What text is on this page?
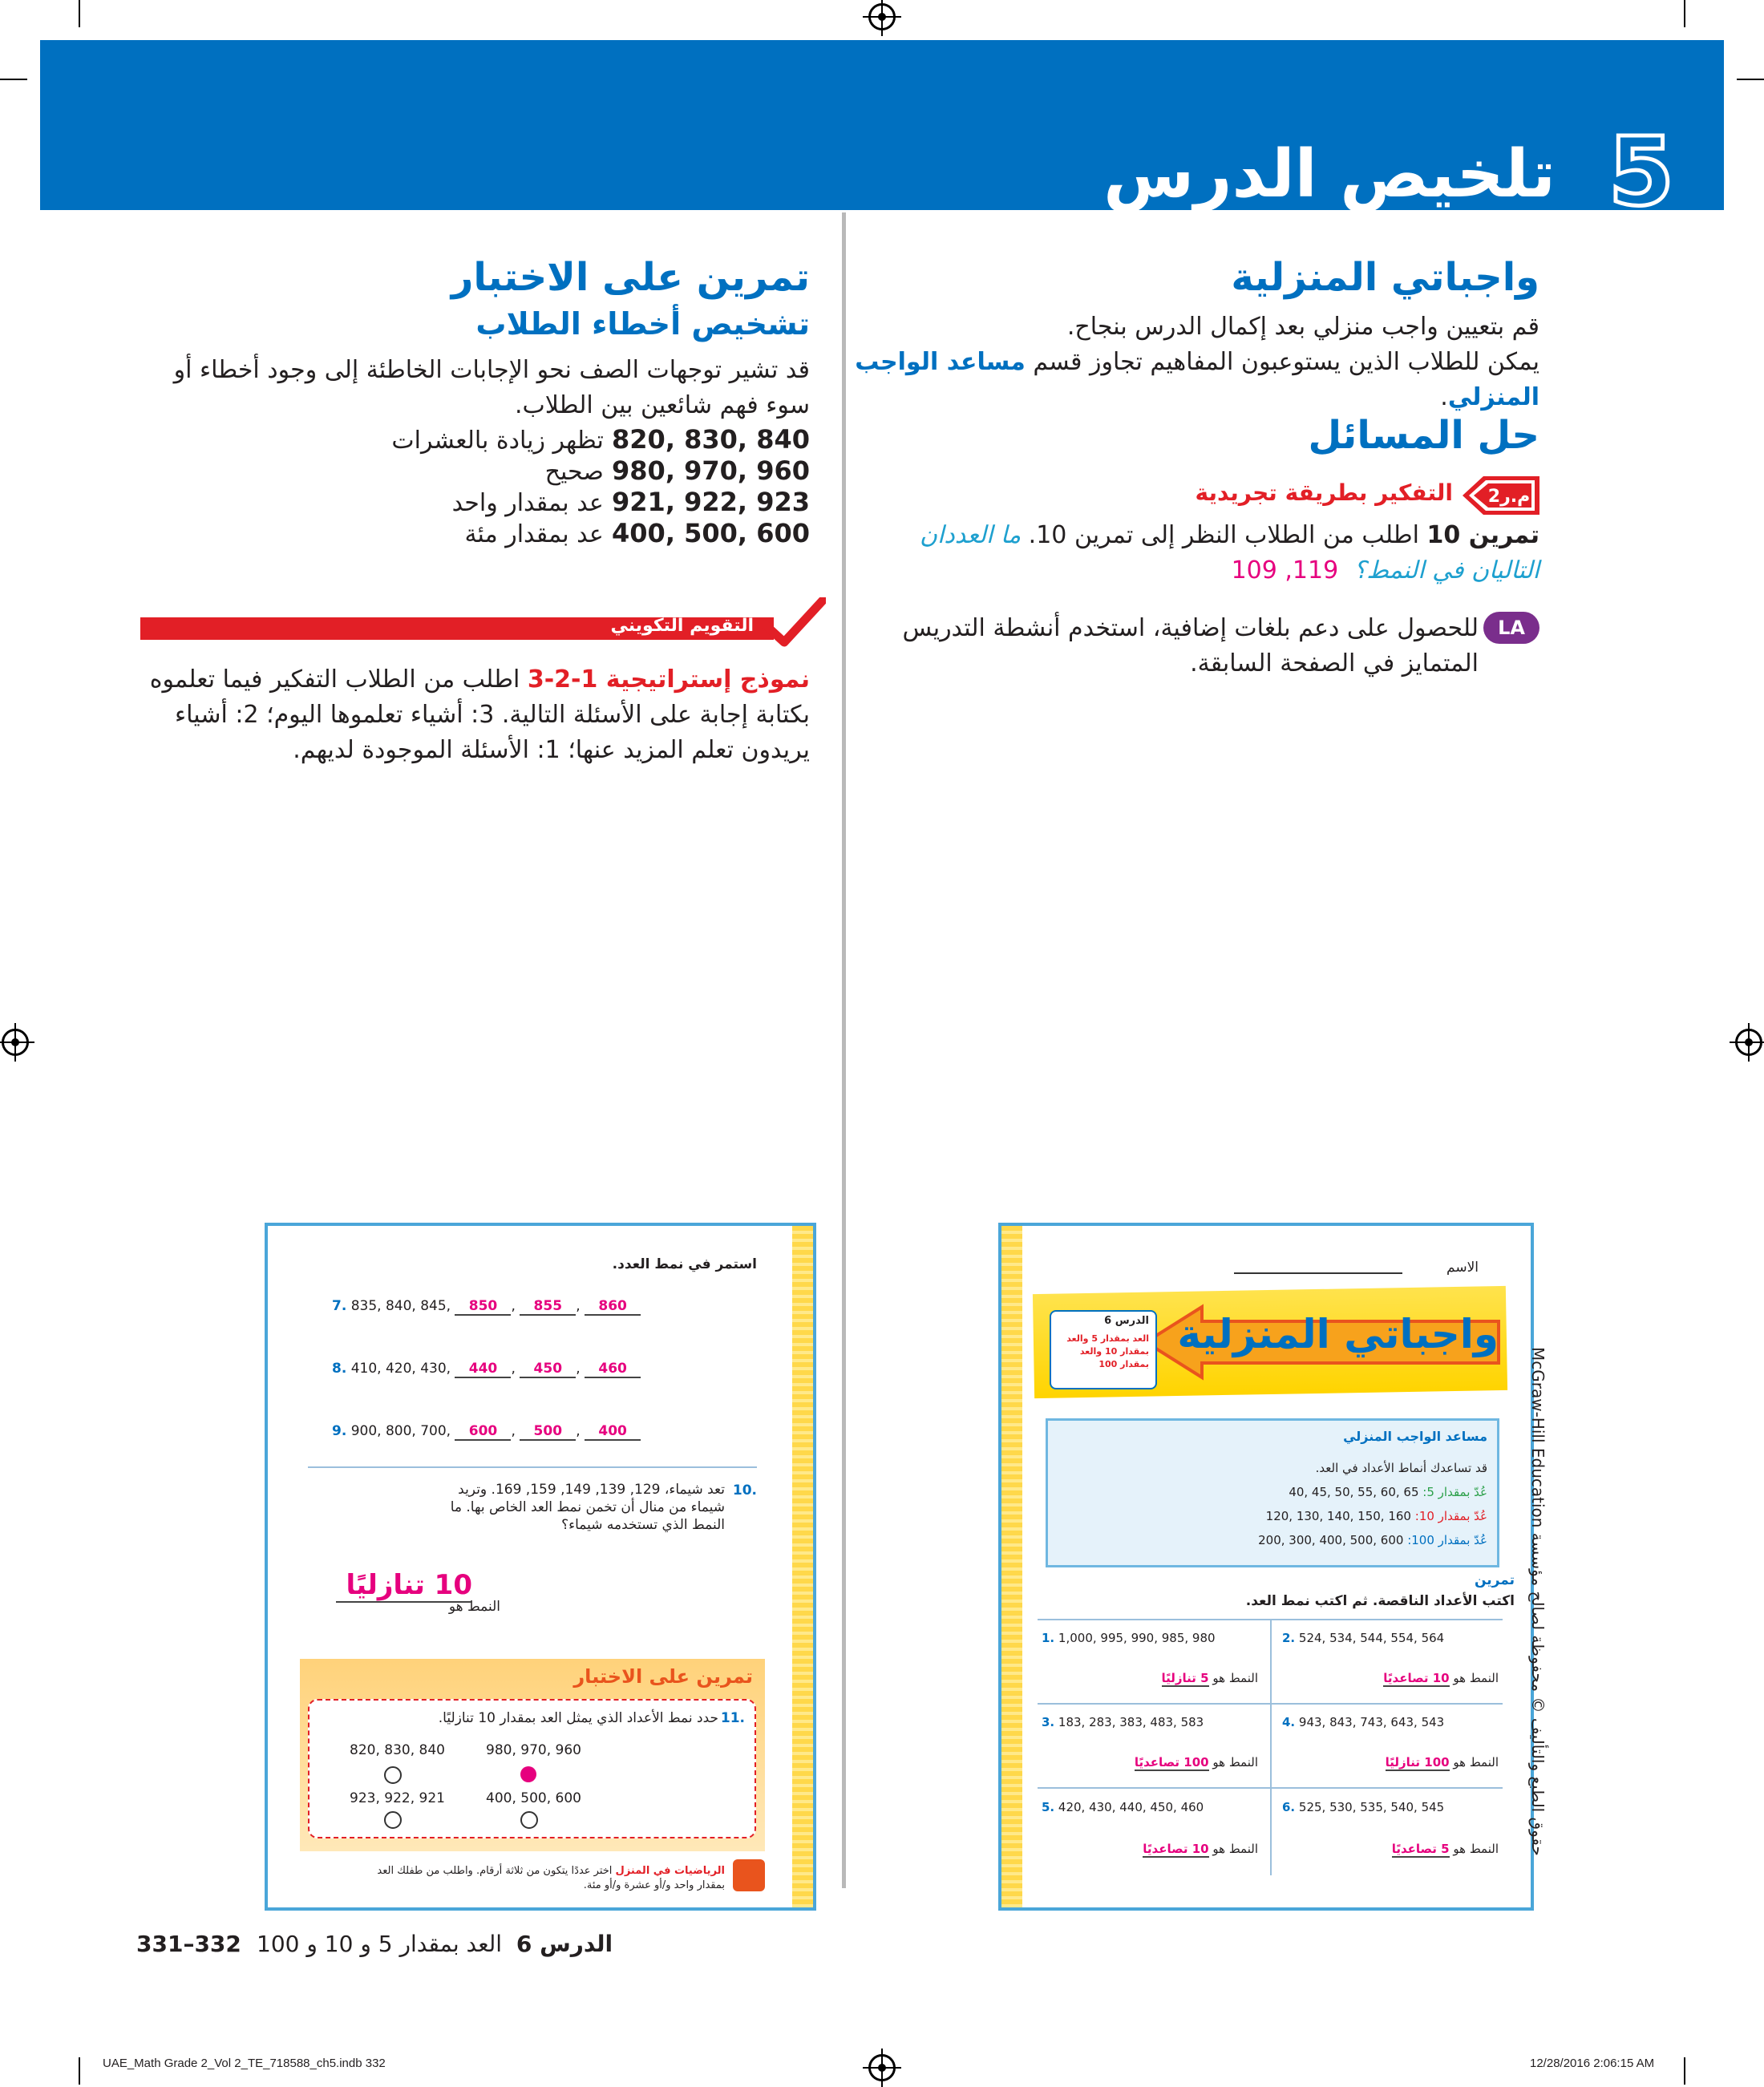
تلخيص الدرس 5
واجباتي المنزلية
قم بتعيين واجب منزلي بعد إكمال الدرس بنجاح.
يمكن للطلاب الذين يستوعبون المفاهيم تجاوز قسم مساعد الواجب المنزلي.
حل المسائل
م.ر2
التفكير بطريقة تجريدية
تمرين 10 اطلب من الطلاب النظر إلى تمرين 10. ما العددان التاليان في النمط؟  119, 109
LA
للحصول على دعم بلغات إضافية، استخدم أنشطة التدريس المتمايز في الصفحة السابقة.
تمرين على الاختبار
تشخيص أخطاء الطلاب
قد تشير توجهات الصف نحو الإجابات الخاطئة إلى وجود أخطاء أو سوء فهم شائعين بين الطلاب.
820, 830, 840  تظهر زيادة بالعشرات
980, 970, 960  صحيح
921, 922, 923  عد بمقدار واحد
400, 500, 600  عد بمقدار مئة
التقويم التكويني
نموذج إستراتيجية 1-2-3 اطلب من الطلاب التفكير فيما تعلموه بكتابة إجابة على الأسئلة التالية. 3: أشياء تعلموها اليوم؛ 2: أشياء يريدون تعلم المزيد عنها؛ 1: الأسئلة الموجودة لديهم.
استمر في نمط العدد.
7. 835, 840, 845, 850 , 855 , 860
8. 410, 420, 430, 440 , 450 , 460
9. 900, 800, 700, 600 , 500 , 400
10.
تعد شيماء، 129, 139, 149, 159, 169. وتريد شيماء من منال أن تخمن نمط العد الخاص بها. ما النمط الذي تستخدمه شيماء؟
النمط هو
10 تنازليًا
تمرين على الاختبار
11.
حدد نمط الأعداد الذي يمثل العد بمقدار 10 تنازليًا.
820, 830, 840	980, 970, 960
923, 922, 921	400, 500, 600
الرياضيات في المنزل اختر عددًا يتكون من ثلاثة أرقام. واطلب من طفلك العد بمقدار واحد و/أو عشرة و/أو مئة.
الاسم
واجباتي المنزلية
الدرس 6
العد بمقدار 5 والعد بمقدار 10 والعد بمقدار 100
مساعد الواجب المنزلي
قد تساعدك أنماط الأعداد في العد.
عُدّ بمقدار 5: 40, 45, 50, 55, 60, 65
عُدّ بمقدار 10: 120, 130, 140, 150, 160
عُدّ بمقدار 100: 200, 300, 400, 500, 600
تمرين
اكتب الأعداد الناقصة. ثم اكتب نمط العد.
1. 1,000, 995, 990, 985, 980	2. 524, 534, 544, 554, 564
النمط هو 5 تنازليًا	النمط هو 10 تصاعديًا
3. 183, 283, 383, 483, 583	4. 943, 843, 743, 643, 543
النمط هو 100 تصاعديًا	النمط هو 100 تنازليًا
5. 420, 430, 440, 450, 460	6. 525, 530, 535, 540, 545
النمط هو 10 تصاعديًا	النمط هو 5 تصاعديًا
حقوق الطبع والتأليف © محفوظة لصالح مؤسسة McGraw-Hill Education
331–332	الدرس 6  العد بمقدار 5 و 10 و 100
UAE_Math Grade 2_Vol 2_TE_718588_ch5.indb 332	12/28/2016 2:06:15 AM
